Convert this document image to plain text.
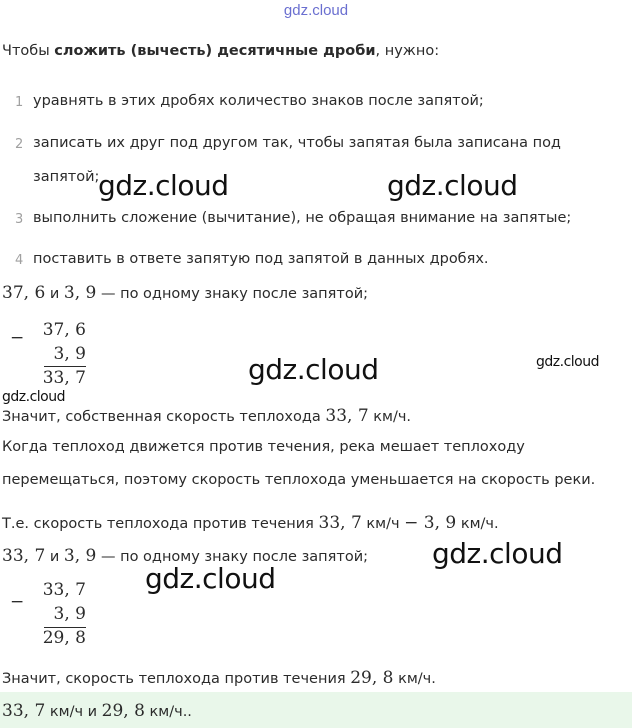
gdz.cloud
Чтобы сложить (вычесть) десятичные дроби, нужно:
1 уравнять в этих дробях количество знаков после запятой;
2 записать их друг под другом так, чтобы запятая была записана под
запятой;
3 выполнить сложение (вычитание), не обращая внимание на запятые;
4 поставить в ответе запятую под запятой в данных дробях.
37, 6 и 3, 9 — по одному знаку после запятой;
− 37, 6
3, 9
33, 7
Значит, собственная скорость теплохода 33, 7 км/ч.
Когда теплоход движется против течения, река мешает теплоходу
перемещаться, поэтому скорость теплохода уменьшается на скорость реки.
Т.е. скорость теплохода против течения 33, 7 км/ч − 3, 9 км/ч.
33, 7 и 3, 9 — по одному знаку после запятой;
−
33, 7
3, 9
29, 8
Значит, скорость теплохода против течения 29, 8 км/ч.
33, 7 км/ч и 29, 8 км/ч..
gdz.cloud	gdz.cloud
gdz.cloud	gdz.cloud
gdz.cloud
gdz.cloud
gdz.cloud
